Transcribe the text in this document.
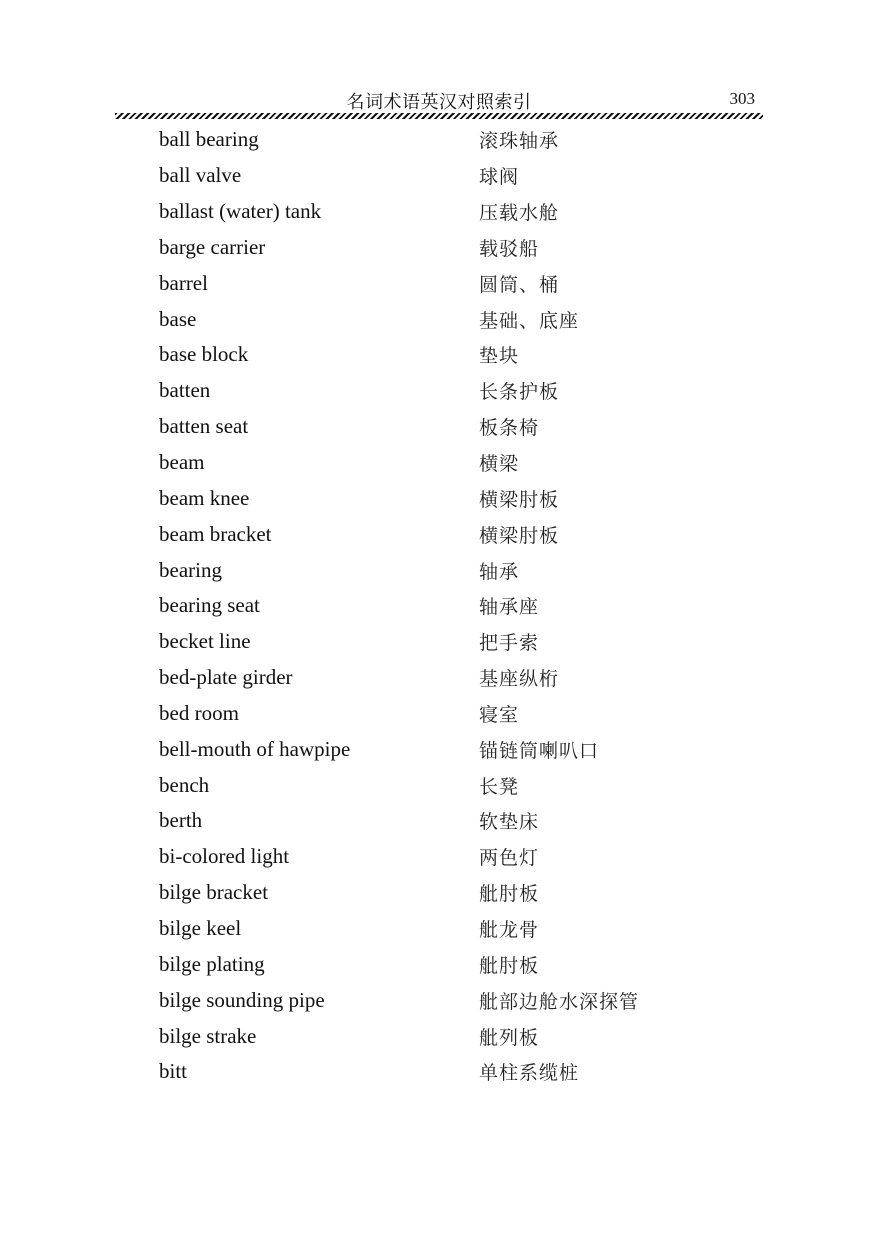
名词术语英汉对照索引	303
ball bearing	滚珠轴承
ball valve	球阀
ballast (water) tank	压载水舱
barge carrier	载驳船
barrel	圆筒、桶
base	基础、底座
base block	垫块
batten	长条护板
batten seat	板条椅
beam	横梁
beam knee	横梁肘板
beam bracket	横梁肘板
bearing	轴承
bearing seat	轴承座
becket line	把手索
bed-plate girder	基座纵桁
bed room	寝室
bell-mouth of hawpipe	锚链筒喇叭口
bench	长凳
berth	软垫床
bi-colored light	两色灯
bilge bracket	舭肘板
bilge keel	舭龙骨
bilge plating	舭肘板
bilge sounding pipe	舭部边舱水深探管
bilge strake	舭列板
bitt	单柱系缆桩
